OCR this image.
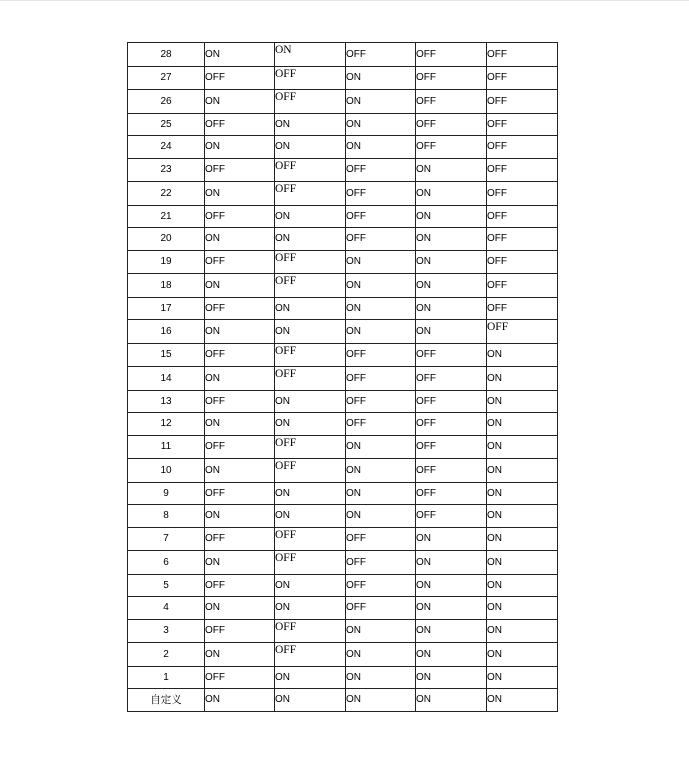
28	ON	ON	OFF	OFF	OFF
27	OFF	OFF	ON	OFF	OFF
26	ON	OFF	ON	OFF	OFF
25	OFF	ON	ON	OFF	OFF
24	ON	ON	ON	OFF	OFF
23	OFF	OFF	OFF	ON	OFF
22	ON	OFF	OFF	ON	OFF
21	OFF	ON	OFF	ON	OFF
20	ON	ON	OFF	ON	OFF
19	OFF	OFF	ON	ON	OFF
18	ON	OFF	ON	ON	OFF
17	OFF	ON	ON	ON	OFF
16	ON	ON	ON	ON	OFF
15	OFF	OFF	OFF	OFF	ON
14	ON	OFF	OFF	OFF	ON
13	OFF	ON	OFF	OFF	ON
12	ON	ON	OFF	OFF	ON
11	OFF	OFF	ON	OFF	ON
10	ON	OFF	ON	OFF	ON
9	OFF	ON	ON	OFF	ON
8	ON	ON	ON	OFF	ON
7	OFF	OFF	OFF	ON	ON
6	ON	OFF	OFF	ON	ON
5	OFF	ON	OFF	ON	ON
4	ON	ON	OFF	ON	ON
3	OFF	OFF	ON	ON	ON
2	ON	OFF	ON	ON	ON
1	OFF	ON	ON	ON	ON
自定义	ON	ON	ON	ON	ON
